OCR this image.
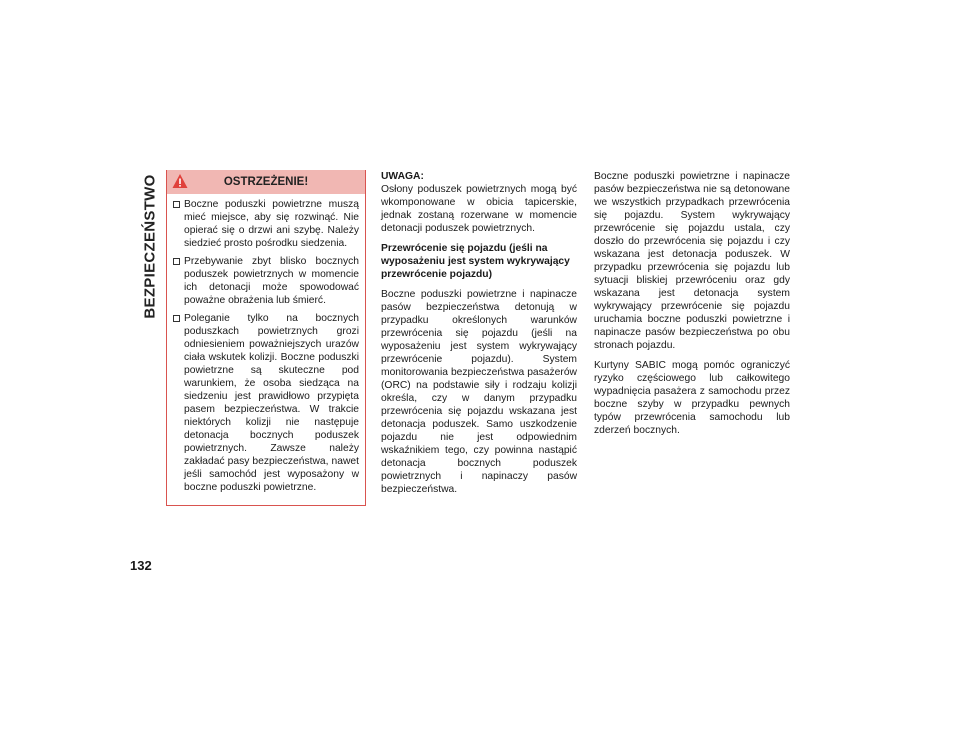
BEZPIECZEŃSTWO	OSTRZEŻENIE!
Boczne poduszki powietrzne muszą mieć miejsce, aby się rozwinąć. Nie opierać się o drzwi ani szybę. Należy siedzieć prosto pośrodku siedzenia.
Przebywanie zbyt blisko bocznych poduszek powietrznych w momencie ich detonacji może spowodować poważne obrażenia lub śmierć.
Poleganie tylko na bocznych poduszkach powietrznych grozi odniesieniem poważniejszych urazów ciała wskutek kolizji. Boczne poduszki powietrzne są skuteczne pod warunkiem, że osoba siedząca na siedzeniu jest prawidłowo przypięta pasem bezpieczeństwa. W trakcie niektórych kolizji nie następuje detonacja bocznych poduszek powietrznych. Zawsze należy zakładać pasy bezpieczeństwa, nawet jeśli samochód jest wyposażony w boczne poduszki powietrzne.

UWAGA:

Osłony poduszek powietrznych mogą być wkomponowane w obicia tapicerskie, jednak zostaną rozerwane w momencie detonacji poduszek powietrznych.

Przewrócenie się pojazdu (jeśli na wyposażeniu jest system wykrywający przewrócenie pojazdu)

Boczne poduszki powietrzne i napinacze pasów bezpieczeństwa detonują w przypadku określonych warunków przewrócenia się pojazdu (jeśli na wyposażeniu jest system wykrywający przewrócenie pojazdu). System monitorowania bezpieczeństwa pasażerów (ORC) na podstawie siły i rodzaju kolizji określa, czy w danym przypadku przewrócenia się pojazdu wskazana jest detonacja poduszek. Samo uszkodzenie pojazdu nie jest odpowiednim wskaźnikiem tego, czy powinna nastąpić detonacja bocznych poduszek powietrznych i napinaczy pasów bezpieczeństwa.

Boczne poduszki powietrzne i napinacze pasów bezpieczeństwa nie są detonowane we wszystkich przypadkach przewrócenia się pojazdu. System wykrywający przewrócenie się pojazdu ustala, czy doszło do przewrócenia się pojazdu i czy wskazana jest detonacja poduszek. W przypadku przewrócenia się pojazdu lub sytuacji bliskiej przewróceniu oraz gdy wskazana jest detonacja system wykrywający przewrócenie się pojazdu uruchamia boczne poduszki powietrzne i napinacze pasów bezpieczeństwa po obu stronach pojazdu.

Kurtyny SABIC mogą pomóc ograniczyć ryzyko częściowego lub całkowitego wypadnięcia pasażera z samochodu przez boczne szyby w przypadku pewnych typów przewrócenia samochodu lub zderzeń bocznych.

132
